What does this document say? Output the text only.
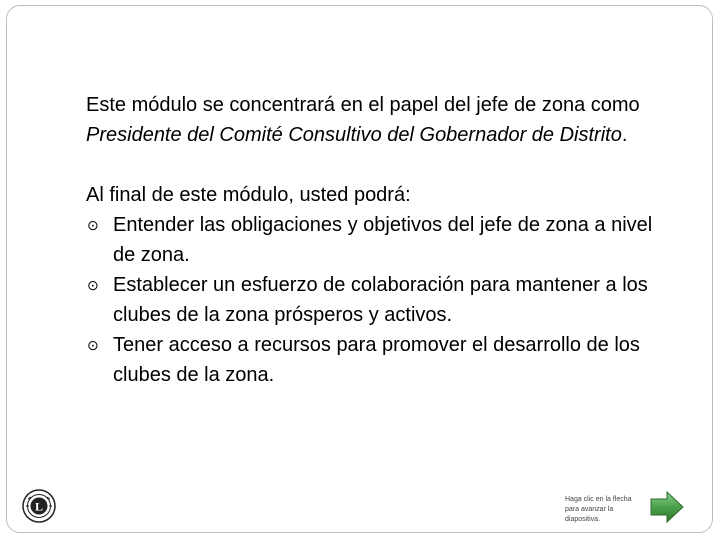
Este módulo se concentrará en el papel del jefe de zona como Presidente del Comité Consultivo del Gobernador de Distrito.

Al final de este módulo, usted podrá:
⊙ Entender las obligaciones y objetivos del jefe de zona a nivel de zona.
⊙ Establecer un esfuerzo de colaboración para mantener a los clubes de la zona prósperos y activos.
⊙ Tener acceso a recursos para promover el desarrollo de los clubes de la zona.
L	Haga clic en la flecha para avanzar la diapositiva.
